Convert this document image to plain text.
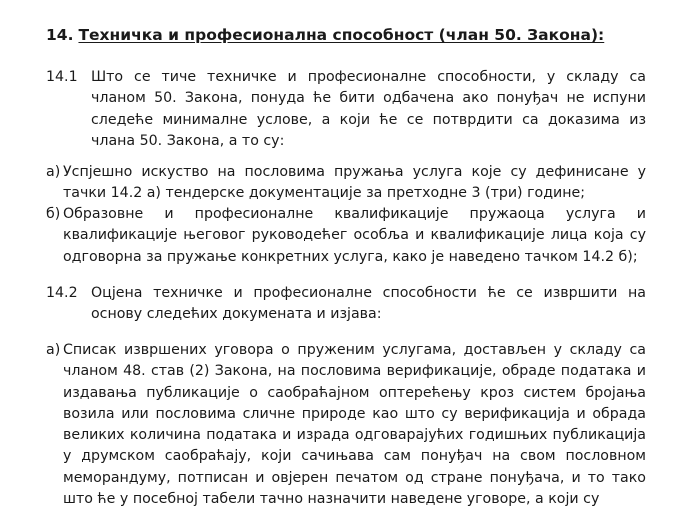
14. Техничка и професионална способност (члан 50. Закона):
14.1 Што се тиче техничке и професионалне способности, у складу са чланом 50. Закона, понуда ће бити одбачена ако понуђач не испуни следеће минималне услове, а који ће се потврдити са доказима из члана 50. Закона, а то су:
а) Успјешно искуство на пословима пружања услуга које су дефинисане у тачки 14.2 а) тендерске документације за претходне 3 (три) године;
б) Образовне и професионалне квалификације пружаоца услуга и квалификације његовог руководећег особља и квалификације лица која су одговорна за пружање конкретних услуга, како је наведено тачком 14.2 б);
14.2 Оцјена техничке и професионалне способности ће се извршити на основу следећих докумената и изјава:
а) Списак извршених уговора о пруженим услугама, достављен у складу са чланом 48. став (2) Закона, на пословима верификације, обраде података и издавања публикације о саобраћајном оптерећењу кроз систем бројања возила или пословима сличне природе као што су верификација и обрада великих количина података и израда одговарајућих годишњих публикација у друмском саобраћају, који сачињава сам понуђач на свом пословном меморандуму, потписан и овјерен печатом од стране понуђача, и то тако што ће у посебној табели тачно назначити наведене уговоре, а који су
